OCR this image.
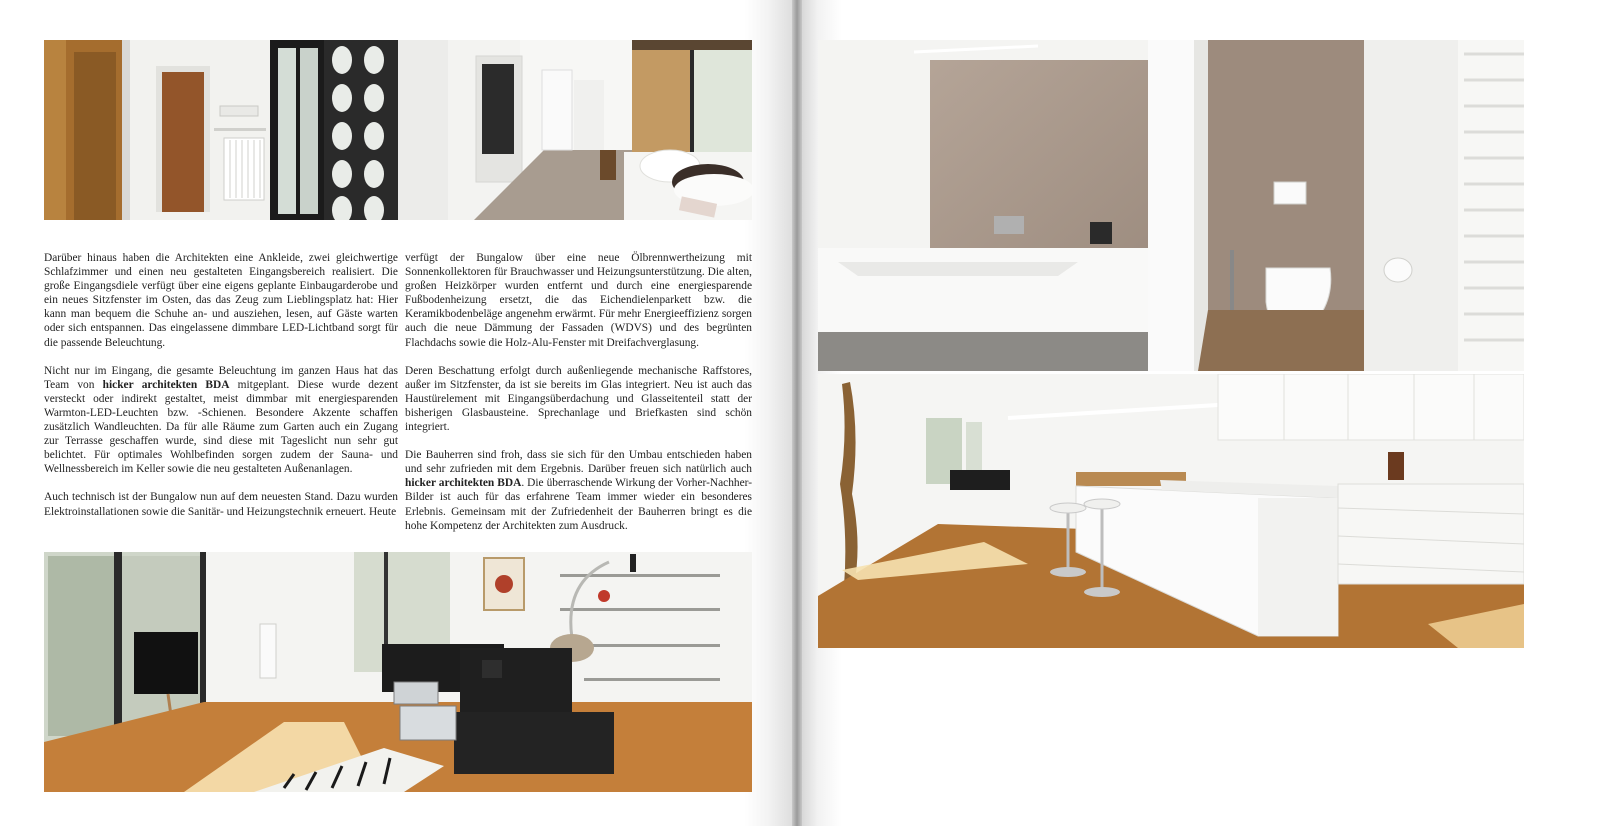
Darüber hinaus haben die Architekten eine Ankleide, zwei gleichwertige Schlafzimmer und einen neu gestalteten Eingangsbereich realisiert. Die große Eingangsdiele verfügt über eine eigens geplante Einbaugarderobe und ein neues Sitzfenster im Osten, das das Zeug zum Lieblingsplatz hat: Hier kann man bequem die Schuhe an- und ausziehen, lesen, auf Gäste warten oder sich entspannen. Das eingelassene dimmbare LED-Lichtband sorgt für die passende Beleuchtung.

Nicht nur im Eingang, die gesamte Beleuchtung im ganzen Haus hat das Team von hicker architekten BDA mitgeplant. Diese wurde dezent versteckt oder indirekt gestaltet, meist dimmbar mit energiesparenden Warmton-LED-Leuchten bzw. -Schienen. Besondere Akzente schaffen zusätzlich Wandleuchten. Da für alle Räume zum Garten auch ein Zugang zur Terrasse geschaffen wurde, sind diese mit Tageslicht nun sehr gut belichtet. Für optimales Wohlbefinden sorgen zudem der Sauna- und Wellnessbereich im Keller sowie die neu gestalteten Außenanlagen.

Auch technisch ist der Bungalow nun auf dem neuesten Stand. Dazu wurden Elektroinstallationen sowie die Sanitär- und Heizungstechnik erneuert. Heute

verfügt der Bungalow über eine neue Ölbrennwertheizung mit Sonnenkollektoren für Brauchwasser und Heizungsunterstützung. Die alten, großen Heizkörper wurden entfernt und durch eine energiesparende Fußbodenheizung ersetzt, die das Eichendielenparkett bzw. die Keramikbodenbeläge angenehm erwärmt. Für mehr Energieeffizienz sorgen auch die neue Dämmung der Fassaden (WDVS) und des begrünten Flachdachs sowie die Holz-Alu-Fenster mit Dreifachverglasung.

Deren Beschattung erfolgt durch außenliegende mechanische Raffstores, außer im Sitzfenster, da ist sie bereits im Glas integriert. Neu ist auch das Haustürelement mit Eingangsüberdachung und Glasseitenteil statt der bisherigen Glasbausteine. Sprechanlage und Briefkasten sind schön integriert.

Die Bauherren sind froh, dass sie sich für den Umbau entschieden haben und sehr zufrieden mit dem Ergebnis. Darüber freuen sich natürlich auch hicker architekten BDA. Die überraschende Wirkung der Vorher-Nachher-Bilder ist auch für das erfahrene Team immer wieder ein besonderes Erlebnis. Gemeinsam mit der Zufriedenheit der Bauherren bringt es die hohe Kompetenz der Architekten zum Ausdruck.
